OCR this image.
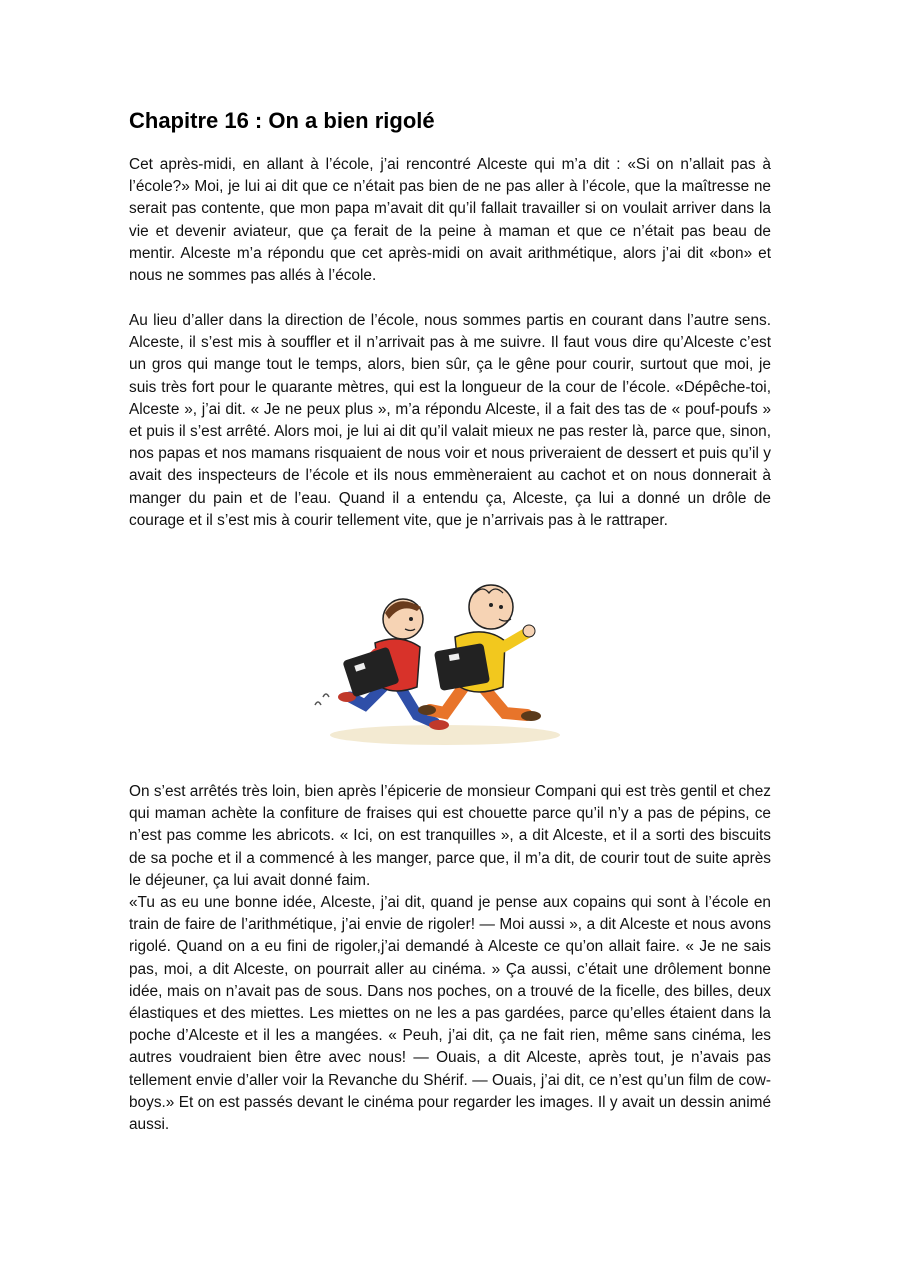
Chapitre 16 : On a bien rigolé

Cet après-midi, en allant à l’école, j’ai rencontré Alceste qui m’a dit : «Si on n’allait pas à l’école?» Moi, je lui ai dit que ce n’était pas bien de ne pas aller à l’école, que la maîtresse ne serait pas contente, que mon papa m’avait dit qu’il fallait travailler si on voulait arriver dans la vie et devenir aviateur, que ça ferait de la peine à maman et que ce n’était pas beau de mentir. Alceste m’a répondu que cet après-midi on avait arithmétique, alors j’ai dit «bon» et nous ne sommes pas allés à l’école.

Au lieu d’aller dans la direction de l’école, nous sommes partis en courant dans l’autre sens. Alceste, il s’est mis à souffler et il n’arrivait pas à me suivre. Il faut vous dire qu’Alceste c’est un gros qui mange tout le temps, alors, bien sûr, ça le gêne pour courir, surtout que moi, je suis très fort pour le quarante mètres, qui est la longueur de la cour de l’école. «Dépêche-toi, Alceste », j’ai dit. « Je ne peux plus », m’a répondu Alceste, il a fait des tas de « pouf-poufs » et puis il s’est arrêté. Alors moi, je lui ai dit qu’il valait mieux ne pas rester là, parce que, sinon, nos papas et nos mamans risquaient de nous voir et nous priveraient de dessert et puis qu’il y avait des inspecteurs de l’école et ils nous emmèneraient au cachot et on nous donnerait à manger du pain et de l’eau. Quand il a entendu ça, Alceste, ça lui a donné un drôle de courage et il s’est mis à courir tellement vite, que je n’arrivais pas à le rattraper.

On s’est arrêtés très loin, bien après l’épicerie de monsieur Compani qui est très gentil et chez qui maman achète la confiture de fraises qui est chouette parce qu’il n’y a pas de pépins, ce n’est pas comme les abricots. « Ici, on est tranquilles », a dit Alceste, et il a sorti des biscuits de sa poche et il a commencé à les manger, parce que, il m’a dit, de courir tout de suite après le déjeuner, ça lui avait donné faim.

«Tu as eu une bonne idée, Alceste, j’ai dit, quand je pense aux copains qui sont à l’école en train de faire de l’arithmétique, j’ai envie de rigoler! — Moi aussi », a dit Alceste et nous avons rigolé. Quand on a eu fini de rigoler,j’ai demandé à Alceste ce qu’on allait faire. « Je ne sais pas, moi, a dit Alceste, on pourrait aller au cinéma. » Ça aussi, c’était une drôlement bonne idée, mais on n’avait pas de sous. Dans nos poches, on a trouvé de la ficelle, des billes, deux élastiques et des miettes. Les miettes on ne les a pas gardées, parce qu’elles étaient dans la poche d’Alceste et il les a mangées. « Peuh, j’ai dit, ça ne fait rien, même sans cinéma, les autres voudraient bien être avec nous! — Ouais, a dit Alceste, après tout, je n’avais pas tellement envie d’aller voir la Revanche du Shérif. — Ouais, j’ai dit, ce n’est qu’un film de cow-boys.» Et on est passés devant le cinéma pour regarder les images. Il y avait un dessin animé aussi.
